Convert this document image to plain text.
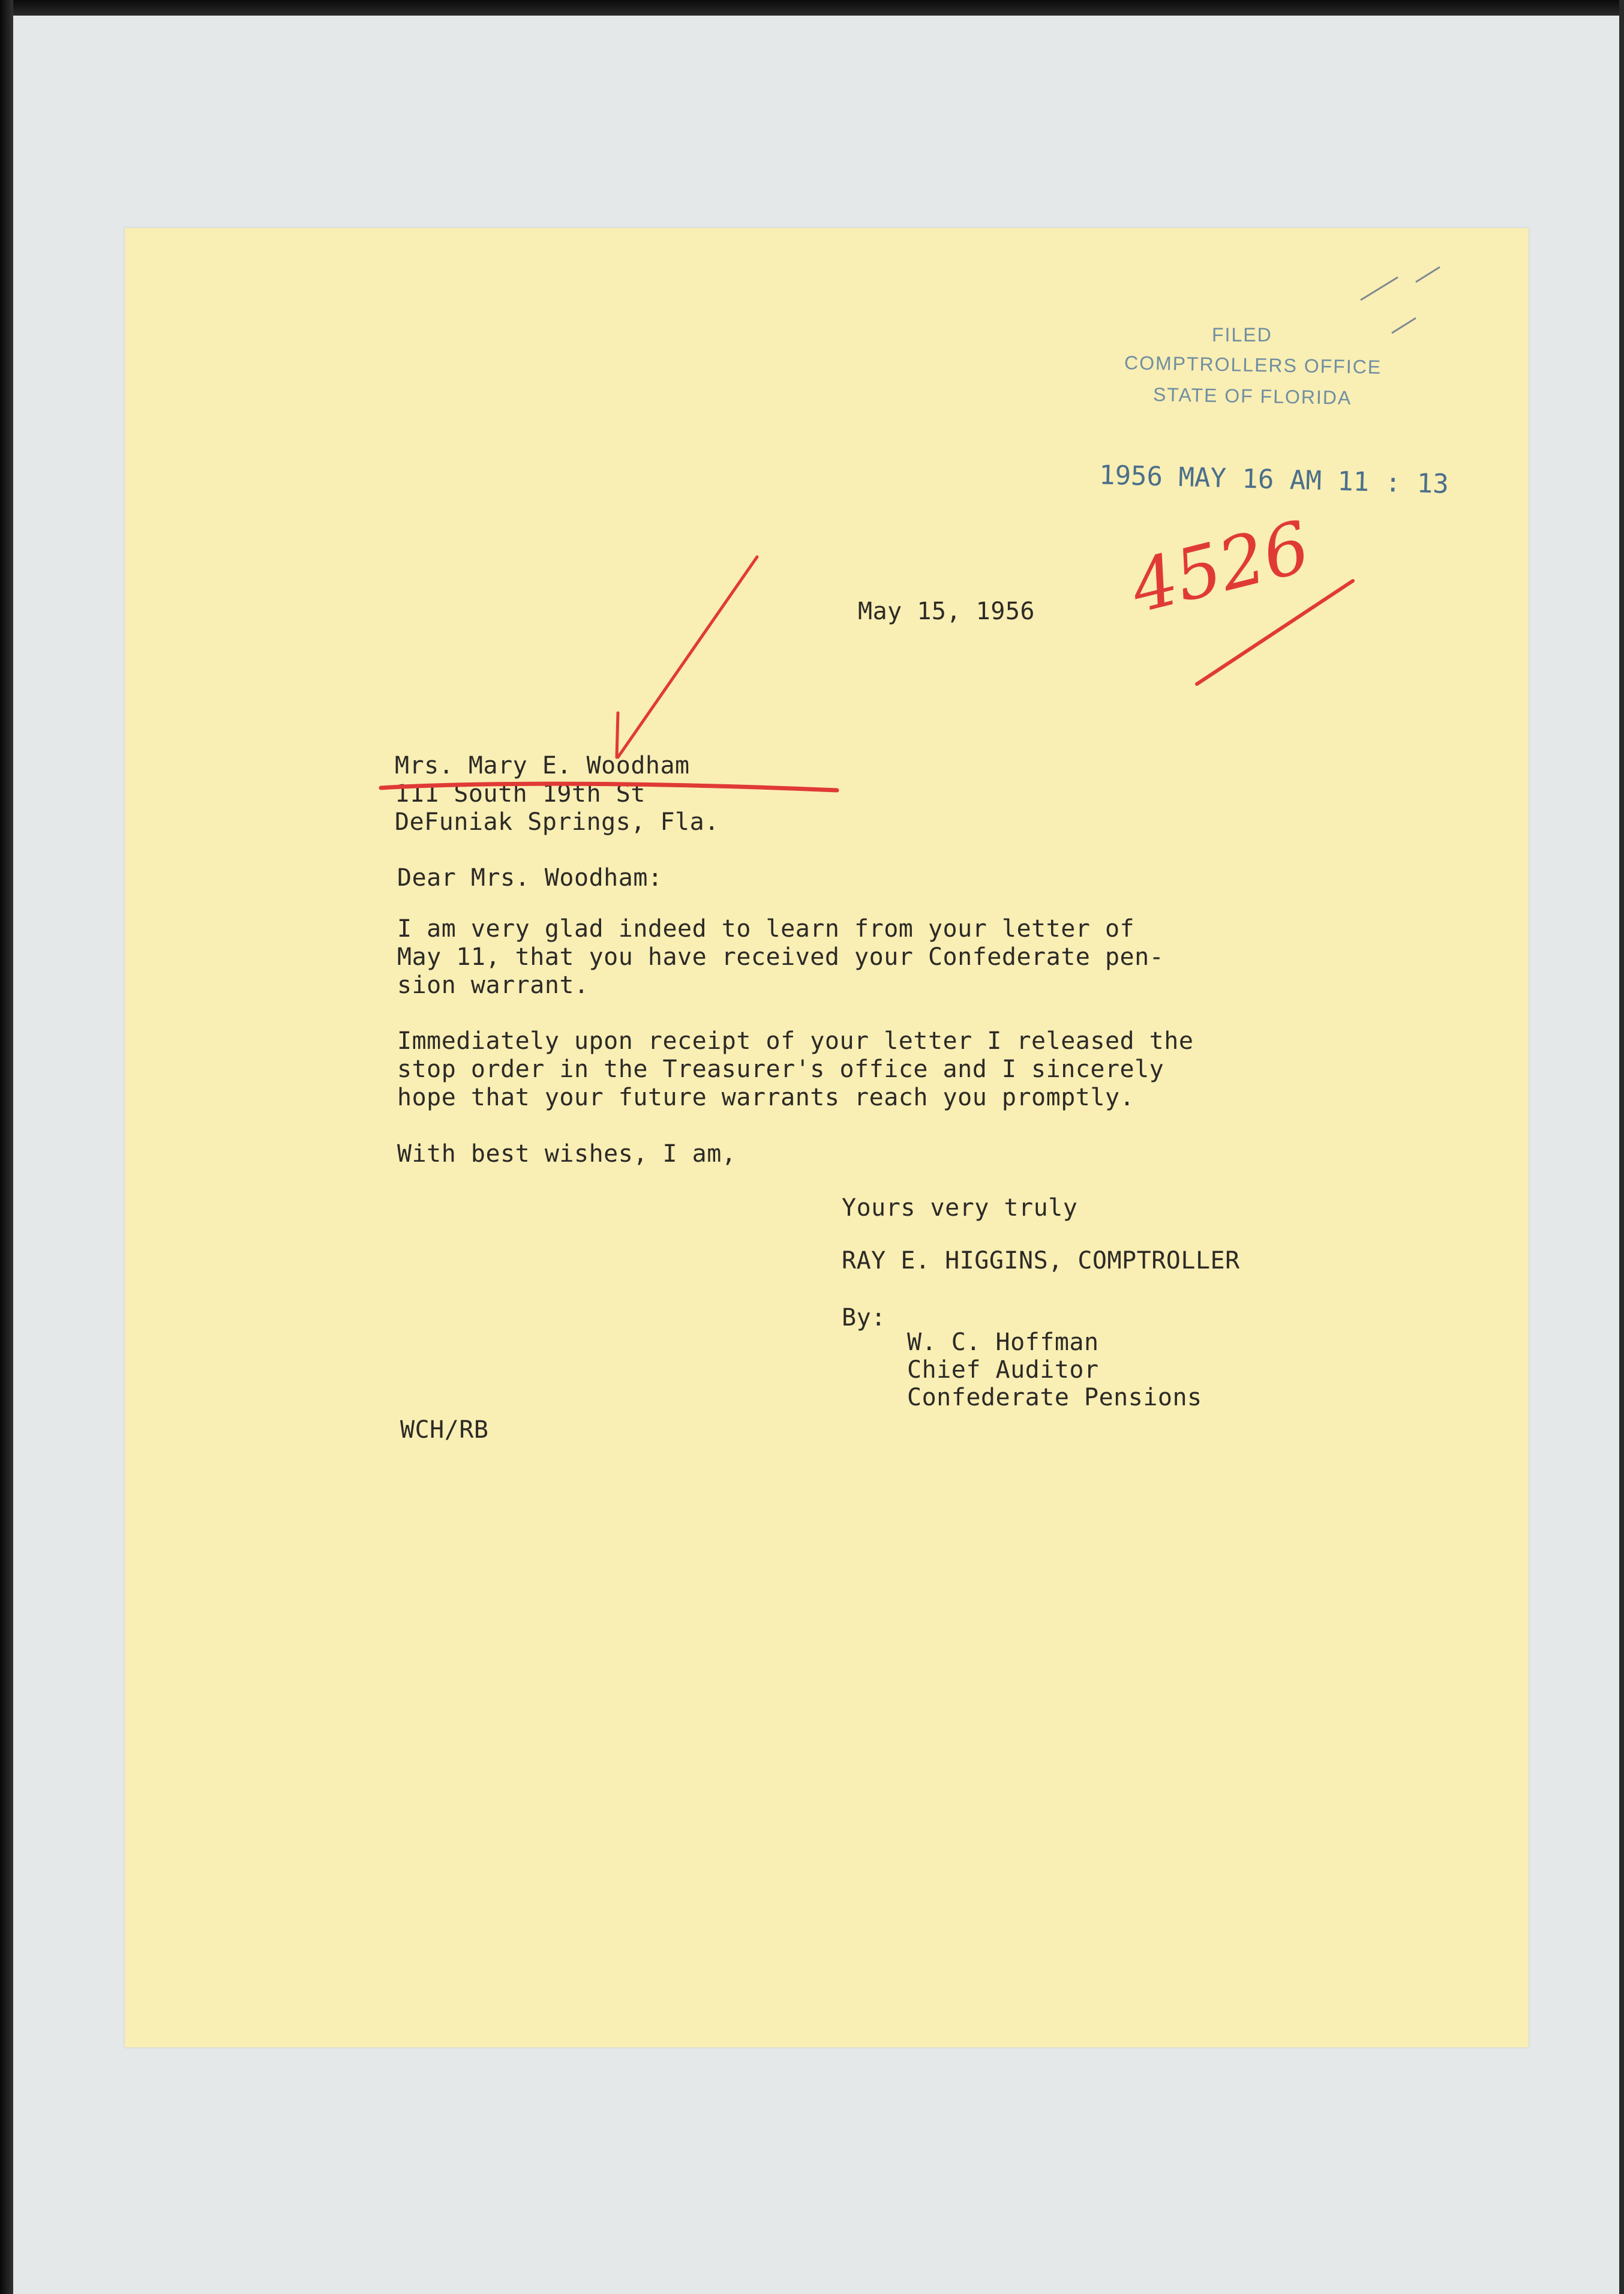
FILED
COMPTROLLERS OFFICE
STATE OF FLORIDA
1956 MAY 16 AM 11 : 13
4526
May 15, 1956
Mrs. Mary E. Woodham
111 South 19th St
DeFuniak Springs, Fla.
Dear Mrs. Woodham:
I am very glad indeed to learn from your letter of
May 11, that you have received your Confederate pen-
sion warrant.
Immediately upon receipt of your letter I released the
stop order in the Treasurer's office and I sincerely
hope that your future warrants reach you promptly.
With best wishes, I am,
Yours very truly
RAY E. HIGGINS, COMPTROLLER
By:
W. C. Hoffman
Chief Auditor
Confederate Pensions
WCH/RB
